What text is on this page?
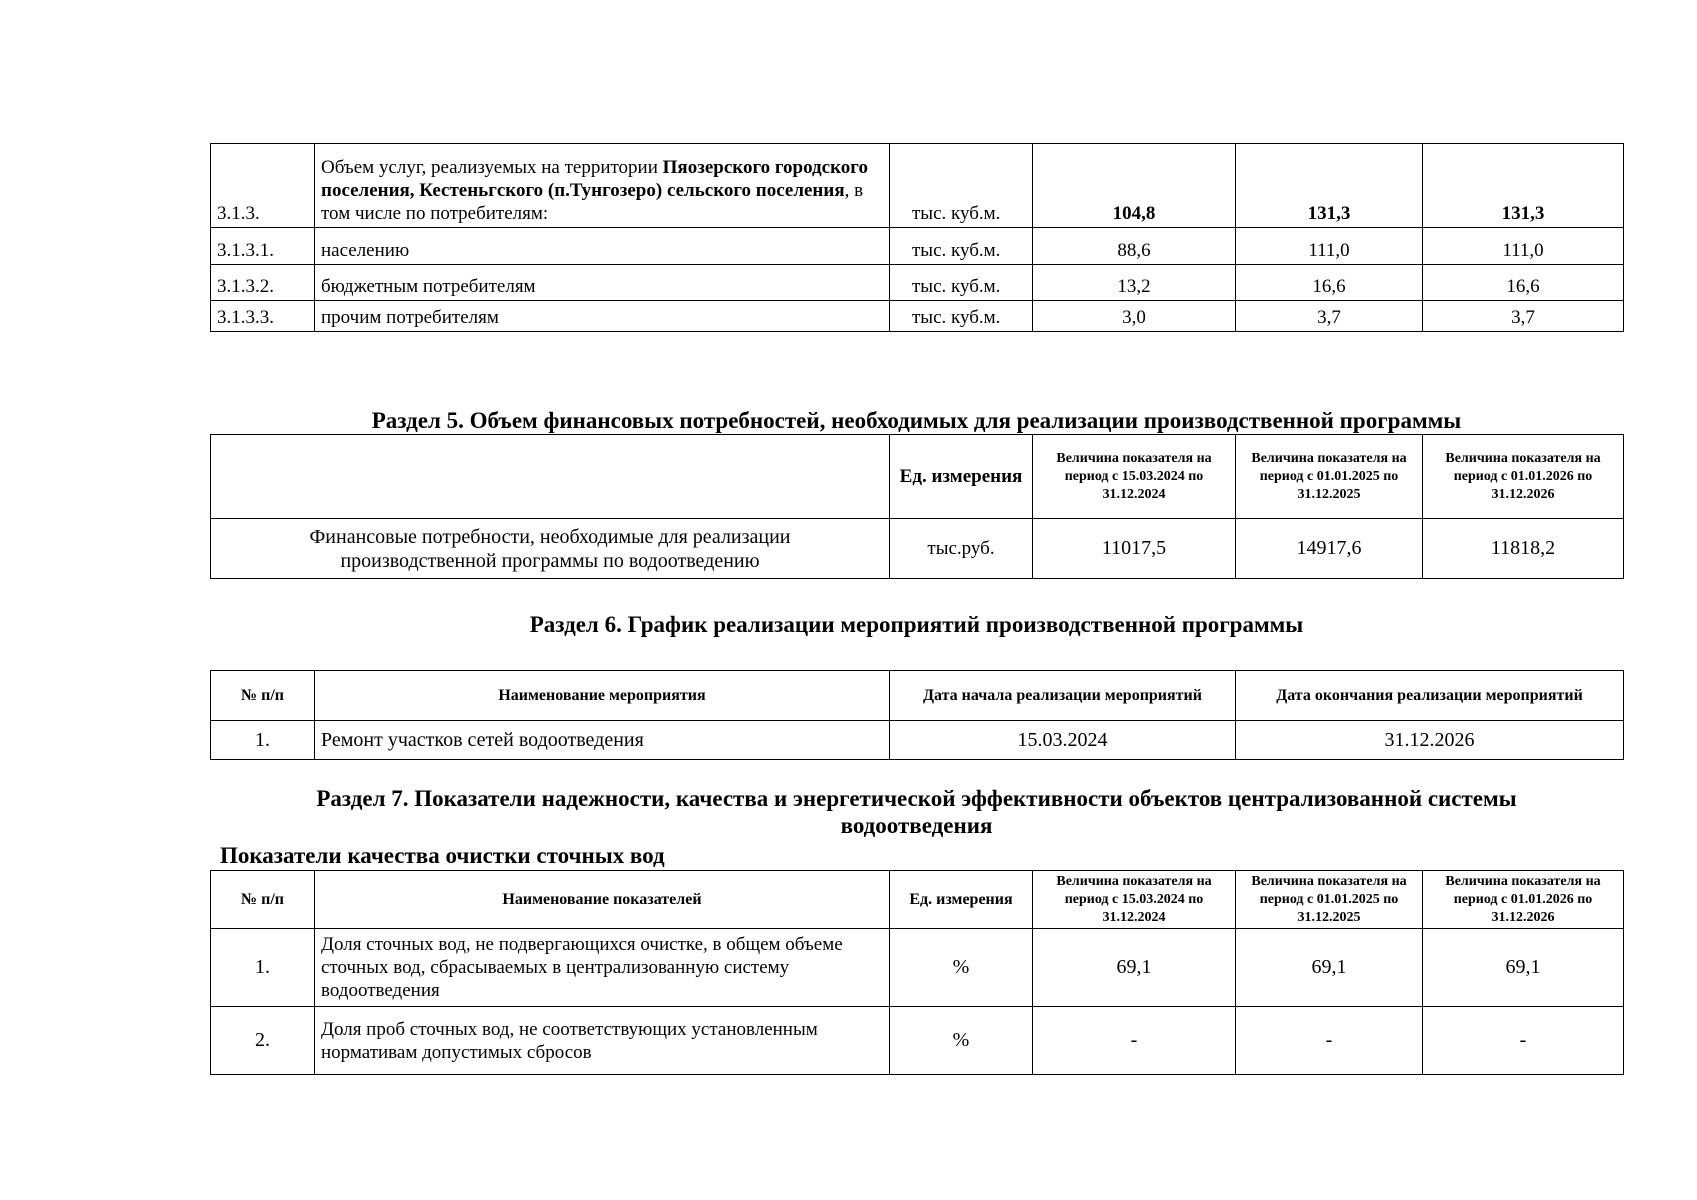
3.1.3.	Объем услуг, реализуемых на территории Пяозерского городского поселения, Кестеньгского (п.Тунгозеро) сельского поселения, в том числе по потребителям:	тыс. куб.м.	104,8	131,3	131,3
3.1.3.1.	населению	тыс. куб.м.	88,6	111,0	111,0
3.1.3.2.	бюджетным потребителям	тыс. куб.м.	13,2	16,6	16,6
3.1.3.3.	прочим потребителям	тыс. куб.м.	3,0	3,7	3,7
Раздел 5. Объем финансовых потребностей, необходимых для реализации производственной программы
	Ед. измерения	Величина показателя на период с 15.03.2024 по 31.12.2024	Величина показателя на период с 01.01.2025 по 31.12.2025	Величина показателя на период с 01.01.2026 по 31.12.2026
Финансовые потребности, необходимые для реализации производственной программы по водоотведению	тыс.руб.	11017,5	14917,6	11818,2
Раздел 6. График реализации мероприятий производственной программы
№ п/п	Наименование мероприятия	Дата начала реализации мероприятий	Дата окончания реализации мероприятий
1.	Ремонт участков сетей водоотведения	15.03.2024	31.12.2026
Раздел 7. Показатели надежности, качества и энергетической эффективности объектов централизованной системы водоотведения
Показатели качества очистки сточных вод
№ п/п	Наименование показателей	Ед. измерения	Величина показателя на период с 15.03.2024 по 31.12.2024	Величина показателя на период с 01.01.2025 по 31.12.2025	Величина показателя на период с 01.01.2026 по 31.12.2026
1.	Доля сточных вод, не подвергающихся очистке, в общем объеме сточных вод, сбрасываемых в централизованную систему водоотведения	%	69,1	69,1	69,1
2.	Доля проб сточных вод, не соответствующих установленным нормативам допустимых сбросов	%	-	-	-
